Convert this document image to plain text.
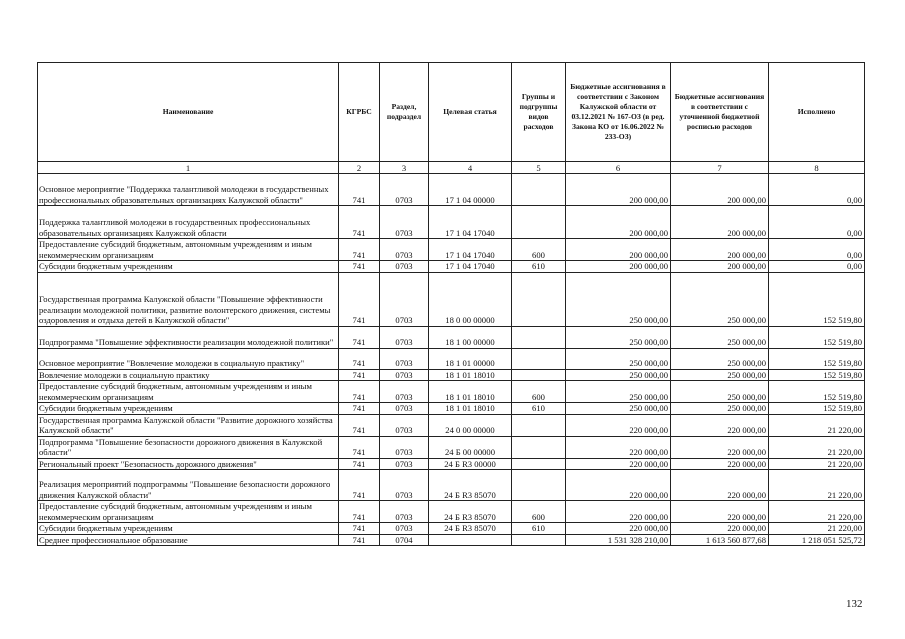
Наименование	КГРБС	Раздел, подраздел	Целевая статья	Группы и подгруппы видов расходов	Бюджетные ассигнования в соответствии с Законом Калужской области от 03.12.2021 № 167-ОЗ (в ред. Закона КО от 16.06.2022 № 233-ОЗ)	Бюджетные ассигнования в соответствии с уточненной бюджетной росписью расходов	Исполнено
1	2	3	4	5	6	7	8
Основное мероприятие "Поддержка талантливой молодежи в государственных профессиональных образовательных организациях Калужской области"	741	0703	17 1 04 00000		200 000,00	200 000,00	0,00
Поддержка талантливой молодежи в государственных профессиональных образовательных организациях Калужской области	741	0703	17 1 04 17040		200 000,00	200 000,00	0,00
Предоставление субсидий бюджетным, автономным учреждениям и иным некоммерческим организациям	741	0703	17 1 04 17040	600	200 000,00	200 000,00	0,00
Субсидии бюджетным учреждениям	741	0703	17 1 04 17040	610	200 000,00	200 000,00	0,00
Государственная программа Калужской области "Повышение эффективности реализации молодежной политики, развитие волонтерского движения, системы оздоровления и отдыха детей в Калужской области"	741	0703	18 0 00 00000		250 000,00	250 000,00	152 519,80
Подпрограмма "Повышение эффективности реализации молодежной политики"	741	0703	18 1 00 00000		250 000,00	250 000,00	152 519,80
Основное мероприятие "Вовлечение молодежи в социальную практику"	741	0703	18 1 01 00000		250 000,00	250 000,00	152 519,80
Вовлечение молодежи в социальную практику	741	0703	18 1 01 18010		250 000,00	250 000,00	152 519,80
Предоставление субсидий бюджетным, автономным учреждениям и иным некоммерческим организациям	741	0703	18 1 01 18010	600	250 000,00	250 000,00	152 519,80
Субсидии бюджетным учреждениям	741	0703	18 1 01 18010	610	250 000,00	250 000,00	152 519,80
Государственная программа Калужской области "Развитие дорожного хозяйства Калужской области"	741	0703	24 0 00 00000		220 000,00	220 000,00	21 220,00
Подпрограмма "Повышение безопасности дорожного движения в Калужской области"	741	0703	24 Б 00 00000		220 000,00	220 000,00	21 220,00
Региональный проект "Безопасность дорожного движения"	741	0703	24 Б R3 00000		220 000,00	220 000,00	21 220,00
Реализация мероприятий подпрограммы "Повышение безопасности дорожного движения Калужской области"	741	0703	24 Б R3 85070		220 000,00	220 000,00	21 220,00
Предоставление субсидий бюджетным, автономным учреждениям и иным некоммерческим организациям	741	0703	24 Б R3 85070	600	220 000,00	220 000,00	21 220,00
Субсидии бюджетным учреждениям	741	0703	24 Б R3 85070	610	220 000,00	220 000,00	21 220,00
Среднее профессиональное образование	741	0704			1 531 328 210,00	1 613 560 877,68	1 218 051 525,72
132
